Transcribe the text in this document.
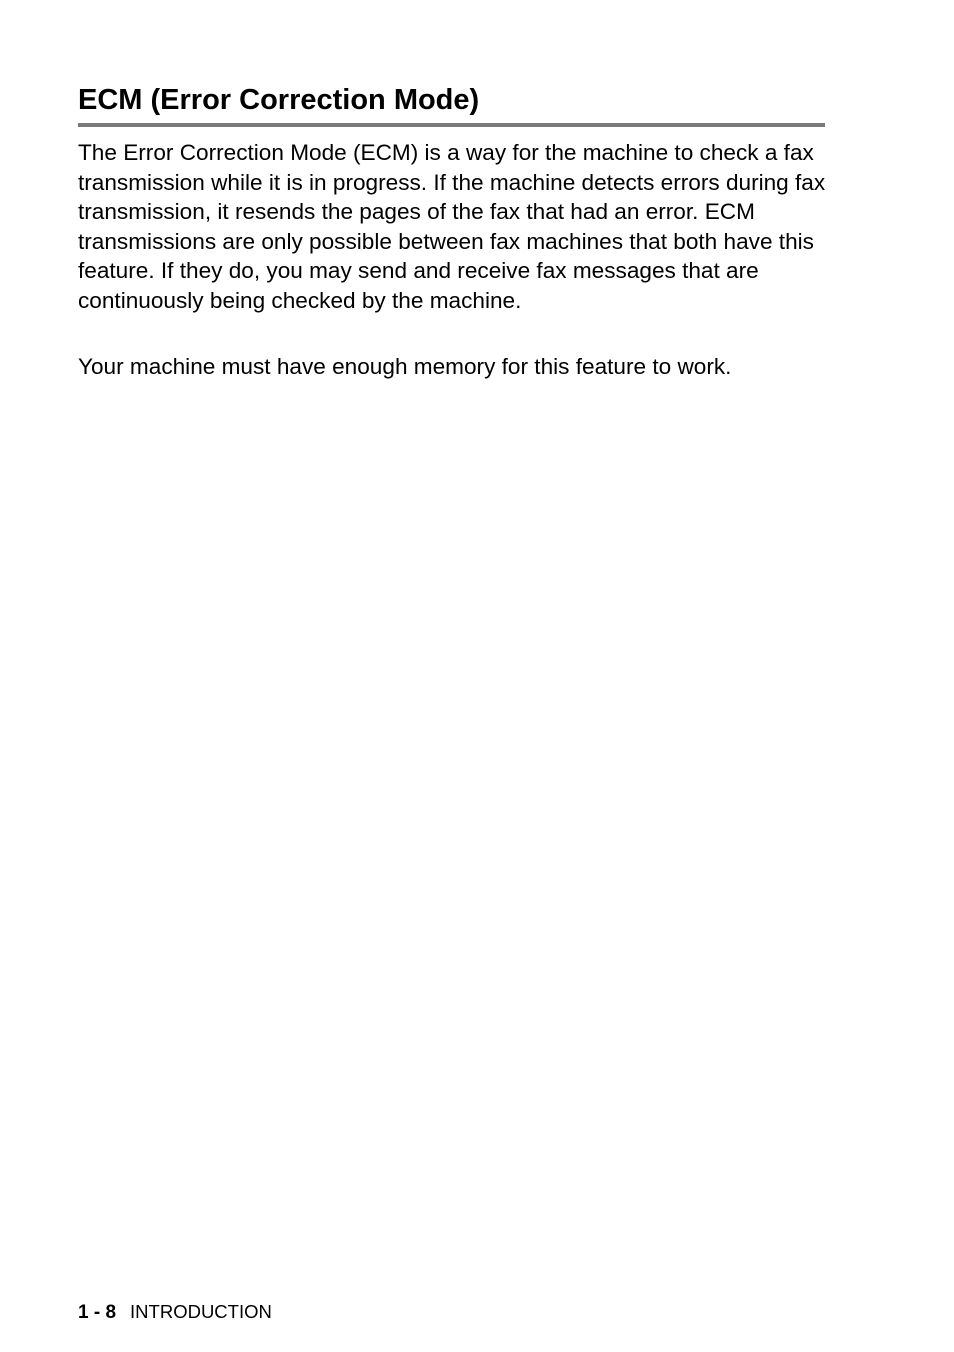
ECM (Error Correction Mode)

The Error Correction Mode (ECM) is a way for the machine to check a fax transmission while it is in progress. If the machine detects errors during fax transmission, it resends the pages of the fax that had an error. ECM transmissions are only possible between fax machines that both have this feature. If they do, you may send and receive fax messages that are continuously being checked by the machine.

Your machine must have enough memory for this feature to work.

1 - 8 INTRODUCTION
